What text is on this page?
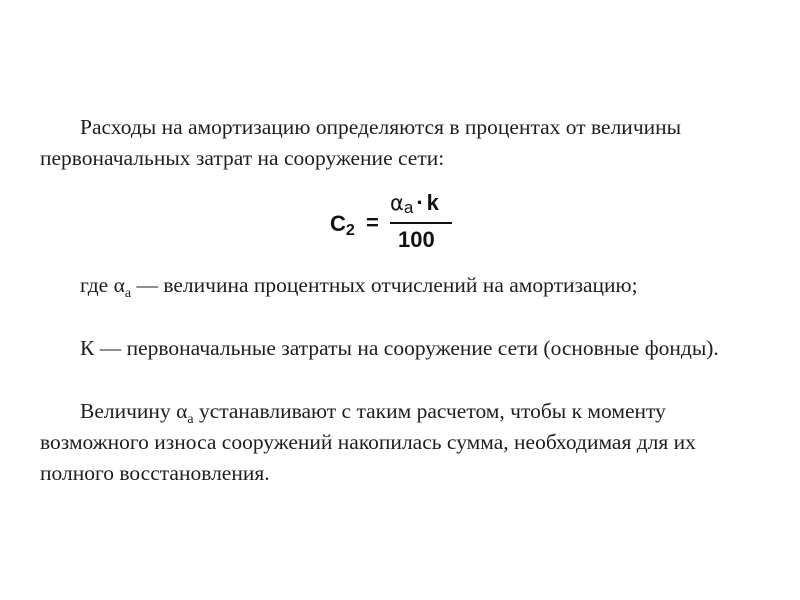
Расходы на амортизацию определяются в процентах от величины первоначальных затрат на сооружение сети:

C2 =
αa · k
100

где $\alpha_а$ — величина процентных отчислений на амортизацию;

К — первоначальные затраты на сооружение сети (основные фонды).

Величину $\alpha_а$ устанавливают с таким расчетом, чтобы к моменту возможного износа сооружений накопилась сумма, необходимая для их полного восстановления.
